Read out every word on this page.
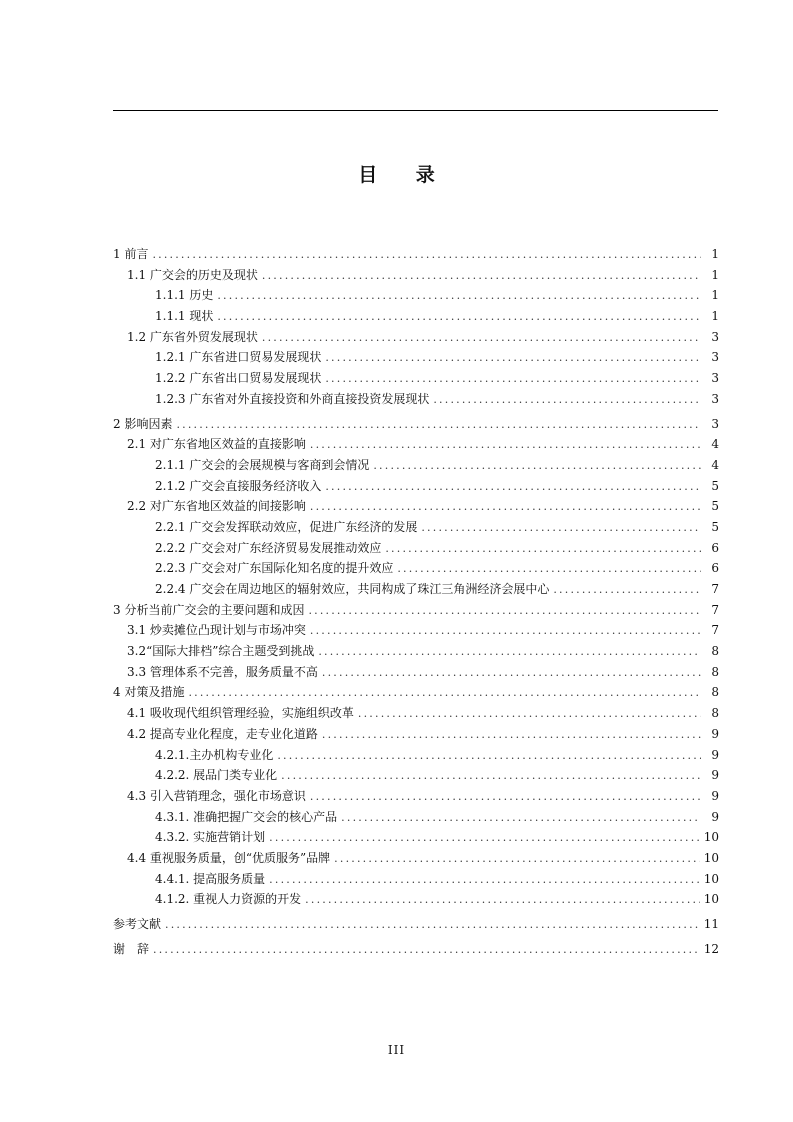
目 录
1 前言 .....	1
1.1 广交会的历史及现状 .....	1
1.1.1 历史 .....	1
1.1.1 现状 .....	1
1.2 广东省外贸发展现状 .....	3
1.2.1 广东省进口贸易发展现状 .....	3
1.2.2 广东省出口贸易发展现状 .....	3
1.2.3 广东省对外直接投资和外商直接投资发展现状 .....	3
2 影响因素 .....	3
2.1 对广东省地区效益的直接影响 .....	4
2.1.1 广交会的会展规模与客商到会情况 .....	4
2.1.2 广交会直接服务经济收入 .....	5
2.2 对广东省地区效益的间接影响 .....	5
2.2.1 广交会发挥联动效应，促进广东经济的发展 .....	5
2.2.2 广交会对广东经济贸易发展推动效应 .....	6
2.2.3 广交会对广东国际化知名度的提升效应 .....	6
2.2.4 广交会在周边地区的辐射效应，共同构成了珠江三角洲经济会展中心 .....	7
3 分析当前广交会的主要问题和成因 .....	7
3.1 炒卖摊位凸现计划与市场冲突 .....	7
3.2“国际大排档”综合主题受到挑战 .....	8
3.3 管理体系不完善，服务质量不高 .....	8
4 对策及措施 .....	8
4.1 吸收现代组织管理经验，实施组织改革 .....	8
4.2 提高专业化程度，走专业化道路 .....	9
4.2.1.主办机构专业化 .....	9
4.2.2. 展品门类专业化 .....	9
4.3 引入营销理念，强化市场意识 .....	9
4.3.1. 准确把握广交会的核心产品 .....	9
4.3.2. 实施营销计划 .....	10
4.4 重视服务质量，创“优质服务”品牌 .....	10
4.4.1. 提高服务质量 .....	10
4.1.2. 重视人力资源的开发 .....	10
参考文献 .....	11
谢　辞 .....	12
III
